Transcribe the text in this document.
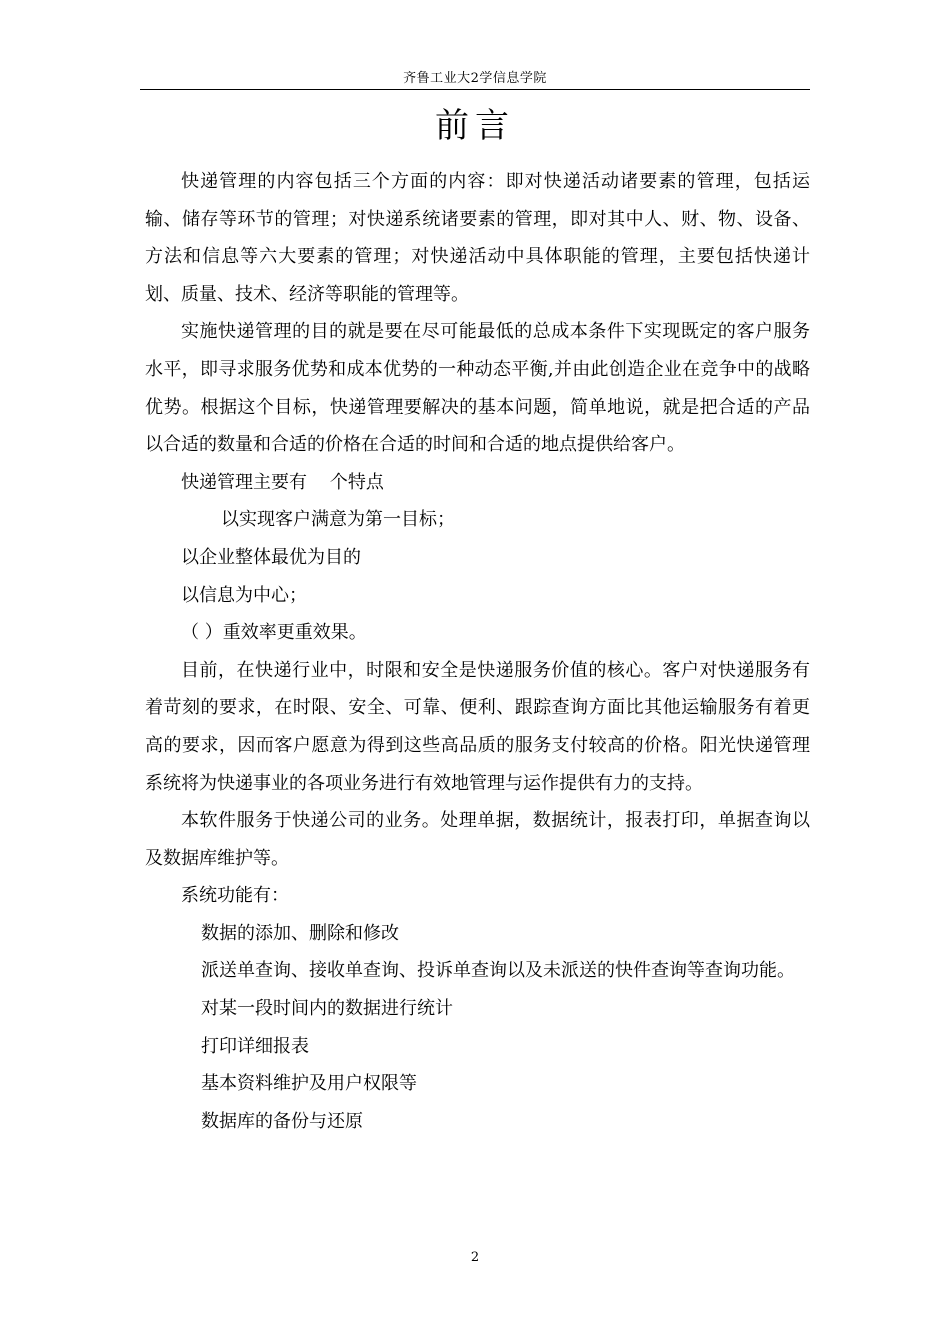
齐鲁工业大2学信息学院
前言

快递管理的内容包括三个方面的内容：即对快递活动诸要素的管理，包括运输、储存等环节的管理；对快递系统诸要素的管理，即对其中人、财、物、设备、方法和信息等六大要素的管理；对快递活动中具体职能的管理，主要包括快递计划、质量、技术、经济等职能的管理等。

实施快递管理的目的就是要在尽可能最低的总成本条件下实现既定的客户服务水平，即寻求服务优势和成本优势的一种动态平衡,并由此创造企业在竞争中的战略优势。根据这个目标，快递管理要解决的基本问题，简单地说，就是把合适的产品以合适的数量和合适的价格在合适的时间和合适的地点提供给客户。

快递管理主要有    个特点

以实现客户满意为第一目标；

以企业整体最优为目的

以信息为中心；

（ ）重效率更重效果。

目前，在快递行业中，时限和安全是快递服务价值的核心。客户对快递服务有着苛刻的要求，在时限、安全、可靠、便利、跟踪查询方面比其他运输服务有着更高的要求，因而客户愿意为得到这些高品质的服务支付较高的价格。阳光快递管理系统将为快递事业的各项业务进行有效地管理与运作提供有力的支持。

本软件服务于快递公司的业务。处理单据，数据统计，报表打印，单据查询以及数据库维护等。

系统功能有：

数据的添加、删除和修改

派送单查询、接收单查询、投诉单查询以及未派送的快件查询等查询功能。

对某一段时间内的数据进行统计

打印详细报表

基本资料维护及用户权限等

数据库的备份与还原

2
